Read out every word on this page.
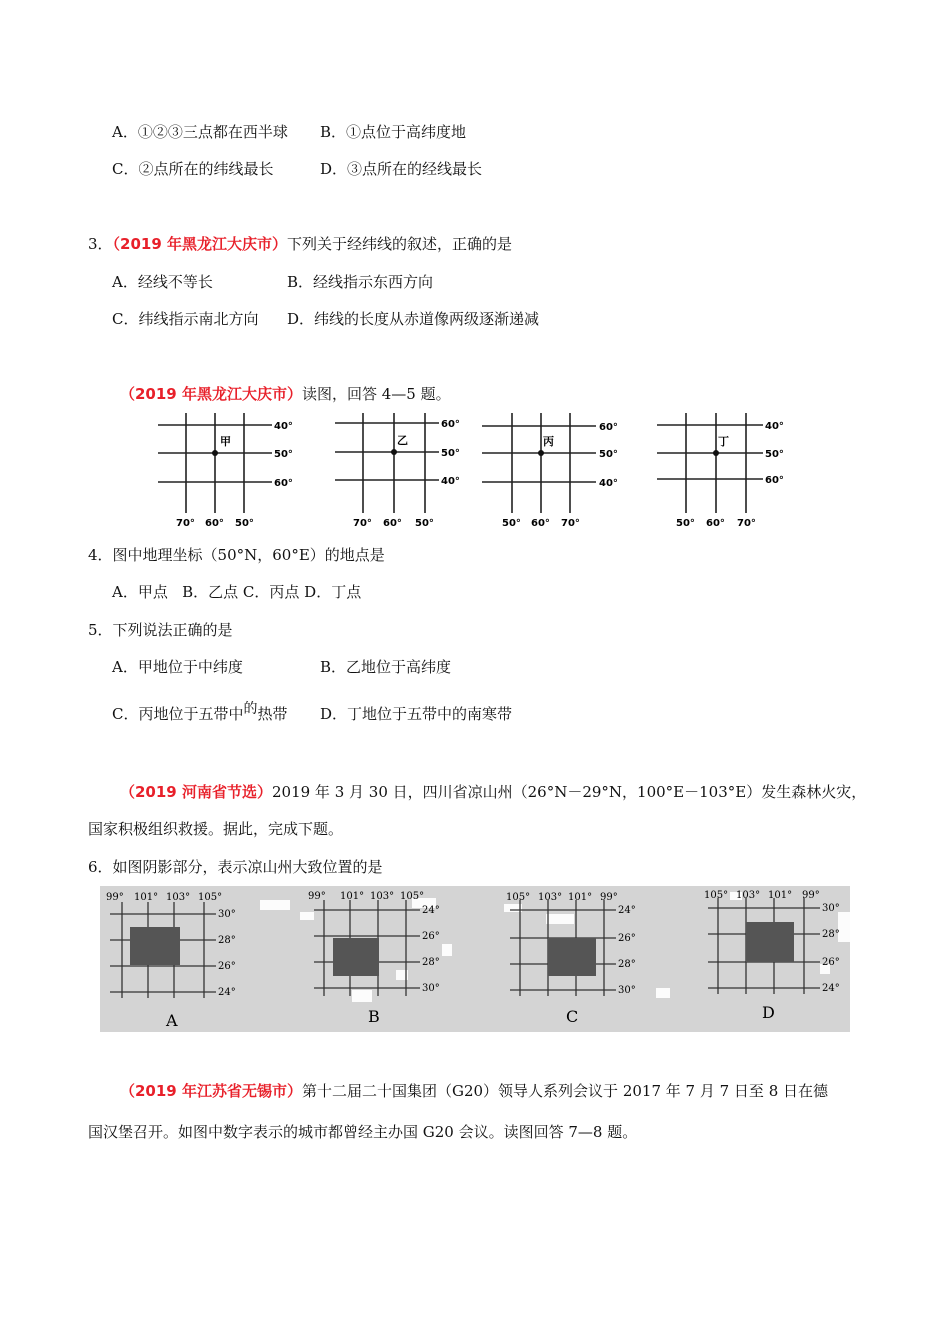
A．①②③三点都在西半球 B．①点位于高纬度地
C．②点所在的纬线最长	D．③点所在的经线最长
3．（2019 年黑龙江大庆市）下列关于经纬线的叙述，正确的是
A．经线不等长	B．经线指示东西方向
C．纬线指示南北方向 D．纬线的长度从赤道像两级逐渐递减
（2019 年黑龙江大庆市）读图，回答 4—5 题。
甲
40°
50°
60°
70° 60° 50°
乙
60°
50°
40°
70° 60° 50°
丙
60°
50°
40°
50° 60° 70°
丁
40°
50°
60°
50° 60° 70°
4．图中地理坐标（50°N，60°E）的地点是
A．甲点   B．乙点 C．丙点 D．丁点
5．下列说法正确的是
A．甲地位于中纬度	B．乙地位于高纬度
C．丙地位于五带中的热带 D．丁地位于五带中的南寒带
（2019 河南省节选）2019 年 3 月 30 日，四川省凉山州（26°N－29°N，100°E－103°E）发生森林火灾，
国家积极组织救援。据此，完成下题。
6．如图阴影部分，表示凉山州大致位置的是
99° 101° 103° 105°
30°
28°
26°
24°
A
99° 101° 103° 105°
24°
26°
28°
30°
B
105° 103° 101° 99°
24°
26°
28°
30°
C
105° 103° 101° 99°
30°
28°
26°
24°
D
（2019 年江苏省无锡市）第十二届二十国集团（G20）领导人系列会议于 2017 年 7 月 7 日至 8 日在德
国汉堡召开。如图中数字表示的城市都曾经主办国 G20 会议。读图回答 7—8 题。
